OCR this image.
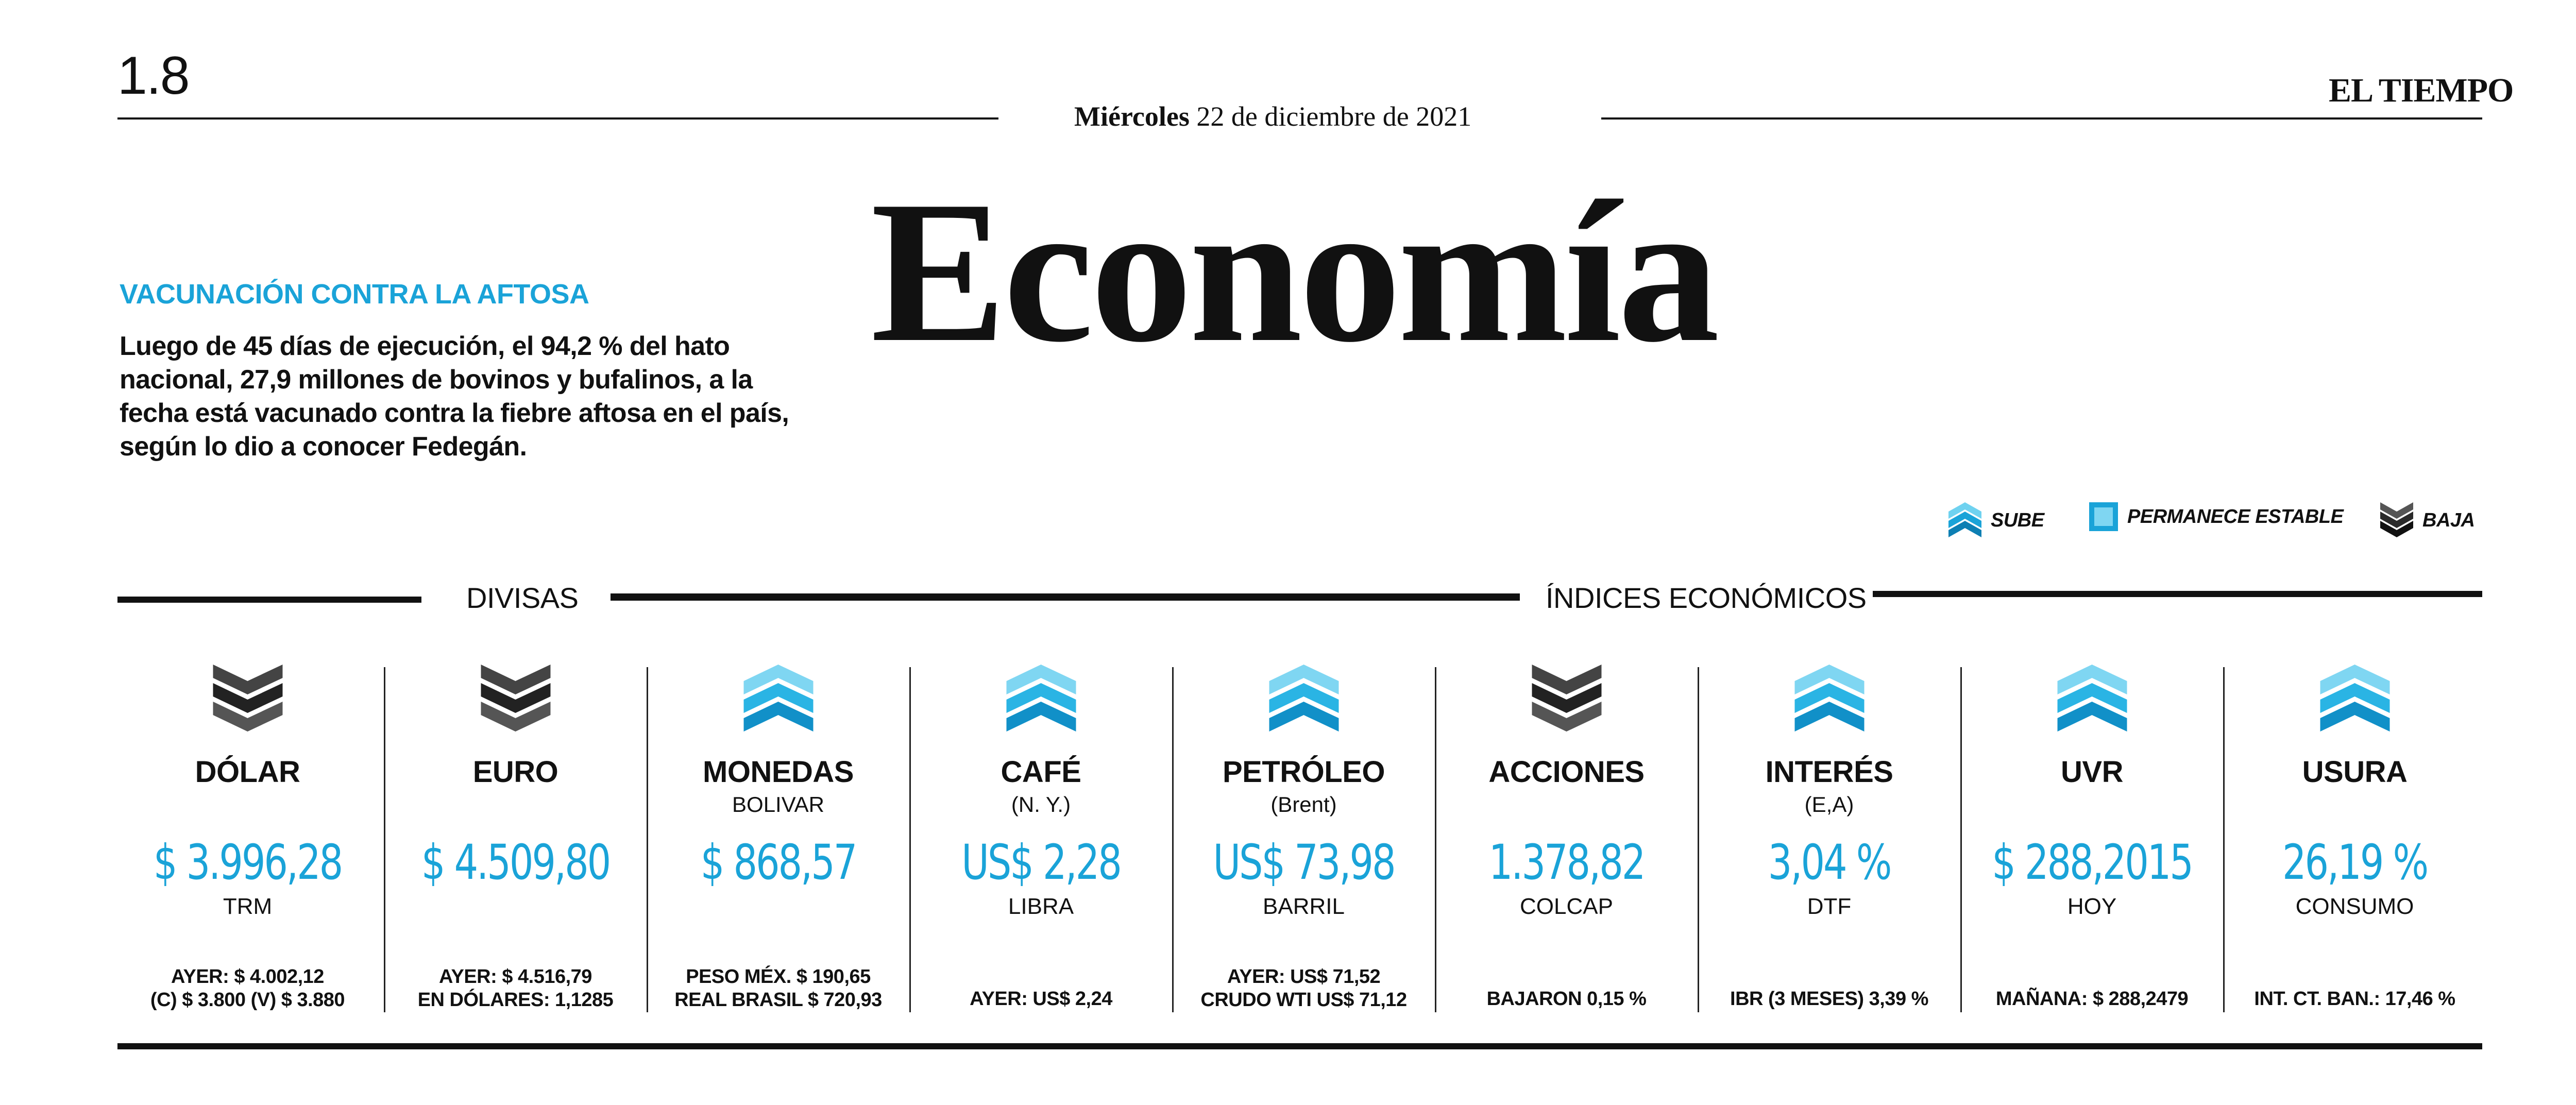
1.8
Miércoles 22 de diciembre de 2021
EL TIEMPO
Economía
VACUNACIÓN CONTRA LA AFTOSA
Luego de 45 días de ejecución, el 94,2 % del hato nacional, 27,9 millones de bovinos y bufalinos, a la fecha está vacunado contra la fiebre aftosa en el país, según lo dio a conocer Fedegán.
SUBE	PERMANECE ESTABLE	BAJA
DIVISAS	ÍNDICES ECONÓMICOS
DÓLAR
$ 3.996,28
TRM
AYER: $ 4.002,12
(C) $ 3.800 (V) $ 3.880
EURO
$ 4.509,80
AYER: $ 4.516,79
EN DÓLARES: 1,1285
MONEDAS
BOLIVAR
$ 868,57
PESO MÉX. $ 190,65
REAL BRASIL $ 720,93
CAFÉ
(N. Y.)
US$ 2,28
LIBRA
AYER: US$ 2,24
PETRÓLEO
(Brent)
US$ 73,98
BARRIL
AYER: US$ 71,52
CRUDO WTI US$ 71,12
ACCIONES
1.378,82
COLCAP
BAJARON 0,15 %
INTERÉS
(E,A)
3,04 %
DTF
IBR (3 MESES) 3,39 %
UVR
$ 288,2015
HOY
MAÑANA: $ 288,2479
USURA
26,19 %
CONSUMO
INT. CT. BAN.: 17,46 %
